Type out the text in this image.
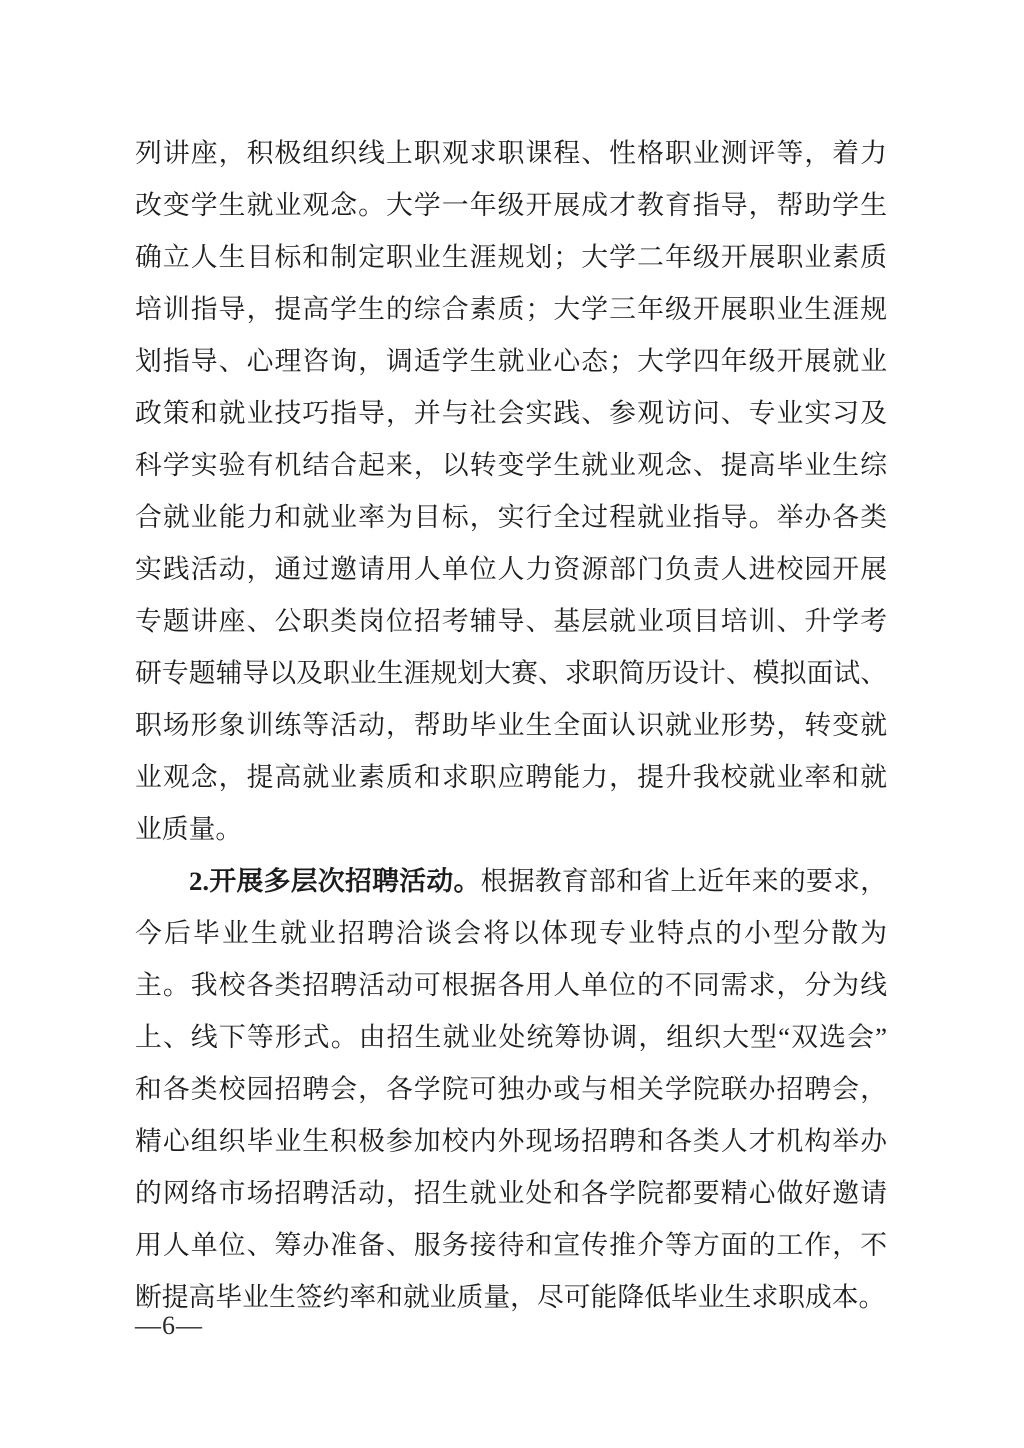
列讲座，积极组织线上职观求职课程、性格职业测评等，着力
改变学生就业观念。大学一年级开展成才教育指导，帮助学生
确立人生目标和制定职业生涯规划；大学二年级开展职业素质
培训指导，提高学生的综合素质；大学三年级开展职业生涯规
划指导、心理咨询，调适学生就业心态；大学四年级开展就业
政策和就业技巧指导，并与社会实践、参观访问、专业实习及
科学实验有机结合起来，以转变学生就业观念、提高毕业生综
合就业能力和就业率为目标，实行全过程就业指导。举办各类
实践活动，通过邀请用人单位人力资源部门负责人进校园开展
专题讲座、公职类岗位招考辅导、基层就业项目培训、升学考
研专题辅导以及职业生涯规划大赛、求职简历设计、模拟面试、
职场形象训练等活动，帮助毕业生全面认识就业形势，转变就
业观念，提高就业素质和求职应聘能力，提升我校就业率和就
业质量。
2.开展多层次招聘活动。根据教育部和省上近年来的要求，
今后毕业生就业招聘洽谈会将以体现专业特点的小型分散为
主。我校各类招聘活动可根据各用人单位的不同需求，分为线
上、线下等形式。由招生就业处统筹协调，组织大型“双选会”
和各类校园招聘会，各学院可独办或与相关学院联办招聘会，
精心组织毕业生积极参加校内外现场招聘和各类人才机构举办
的网络市场招聘活动，招生就业处和各学院都要精心做好邀请
用人单位、筹办准备、服务接待和宣传推介等方面的工作，不
断提高毕业生签约率和就业质量，尽可能降低毕业生求职成本。
—6—
